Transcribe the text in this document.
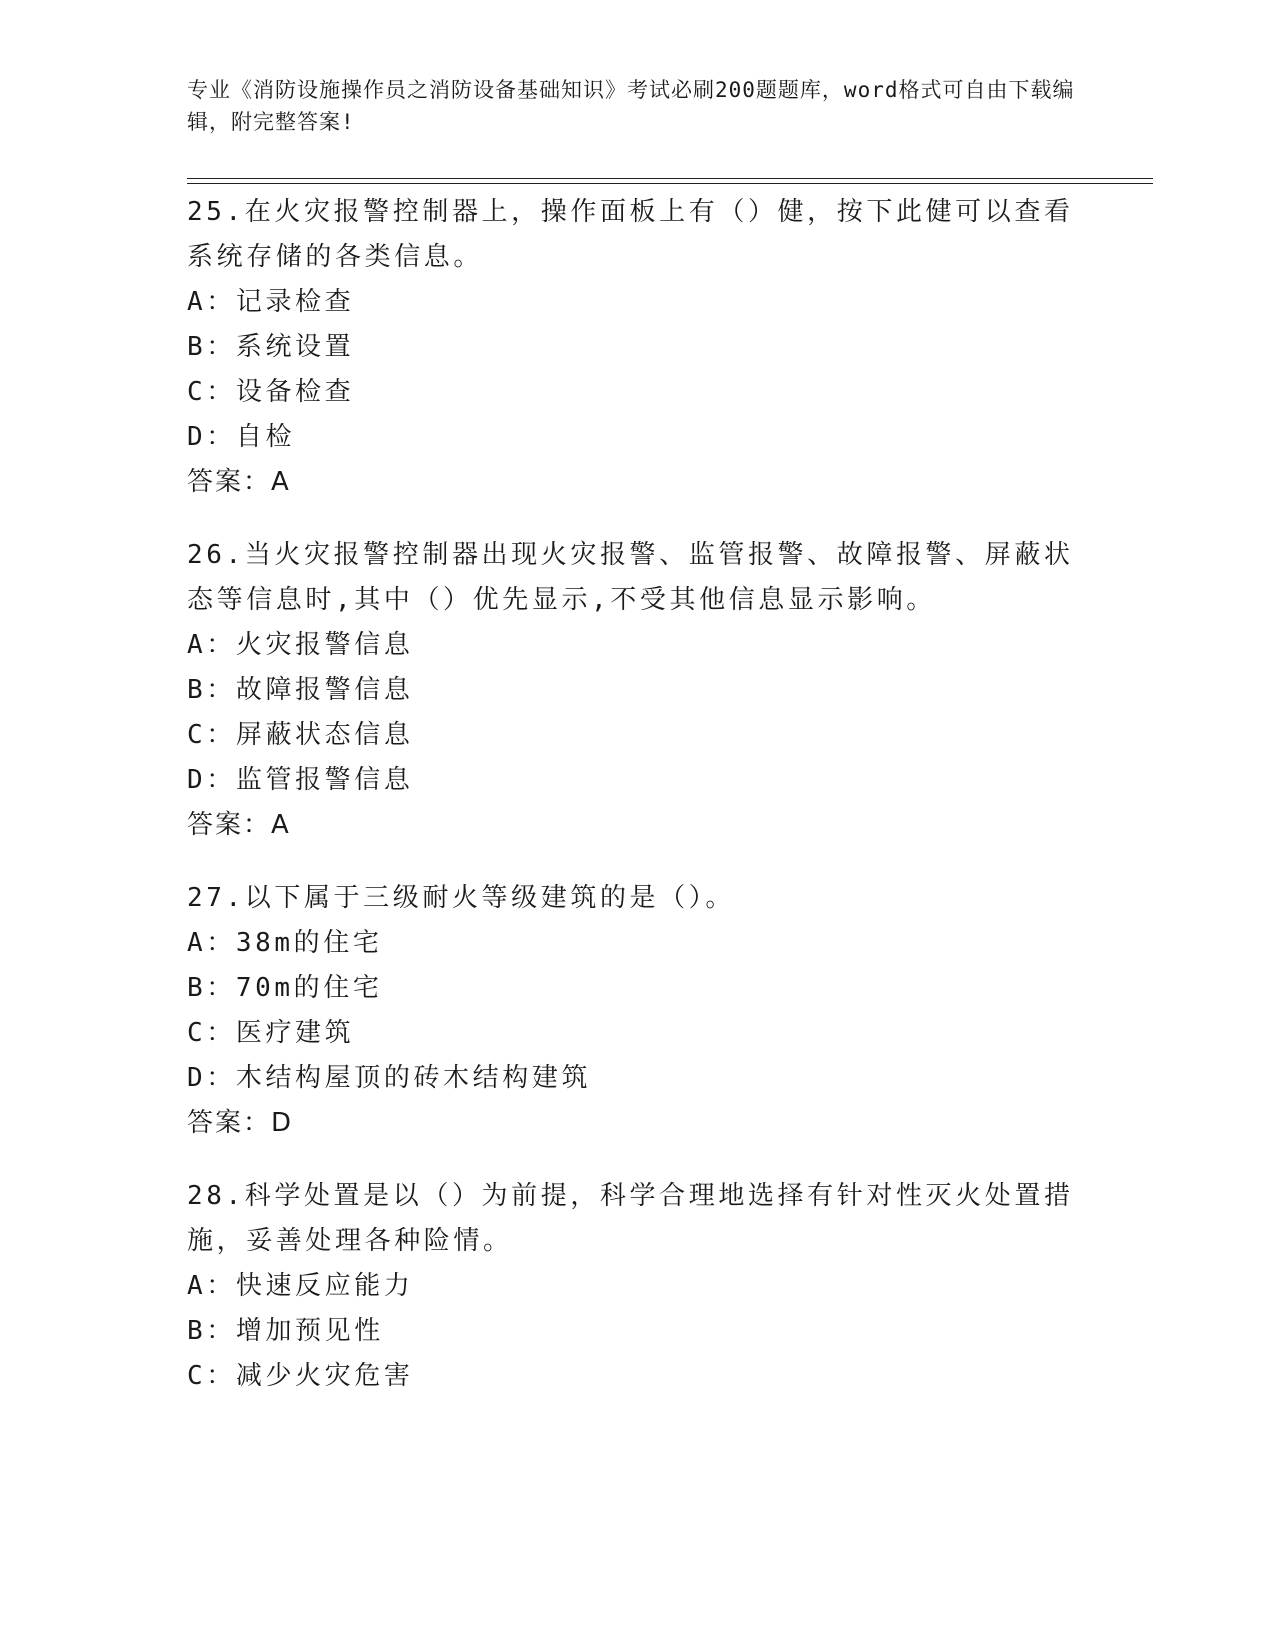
专业《消防设施操作员之消防设备基础知识》考试必刷200题题库，word格式可自由下载编辑，附完整答案!

25.在火灾报警控制器上，操作面板上有（）健，按下此健可以查看系统存储的各类信息。

A：记录检查

B：系统设置

C：设备检查

D：自检

答案：A

26.当火灾报警控制器出现火灾报警、监管报警、故障报警、屏蔽状态等信息时,其中（）优先显示,不受其他信息显示影响。

A：火灾报警信息

B：故障报警信息

C：屏蔽状态信息

D：监管报警信息

答案：A

27.以下属于三级耐火等级建筑的是（）。

A：38m的住宅

B：70m的住宅

C：医疗建筑

D：木结构屋顶的砖木结构建筑

答案：D

28.科学处置是以（）为前提，科学合理地选择有针对性灭火处置措施，妥善处理各种险情。

A：快速反应能力

B：增加预见性

C：减少火灾危害
